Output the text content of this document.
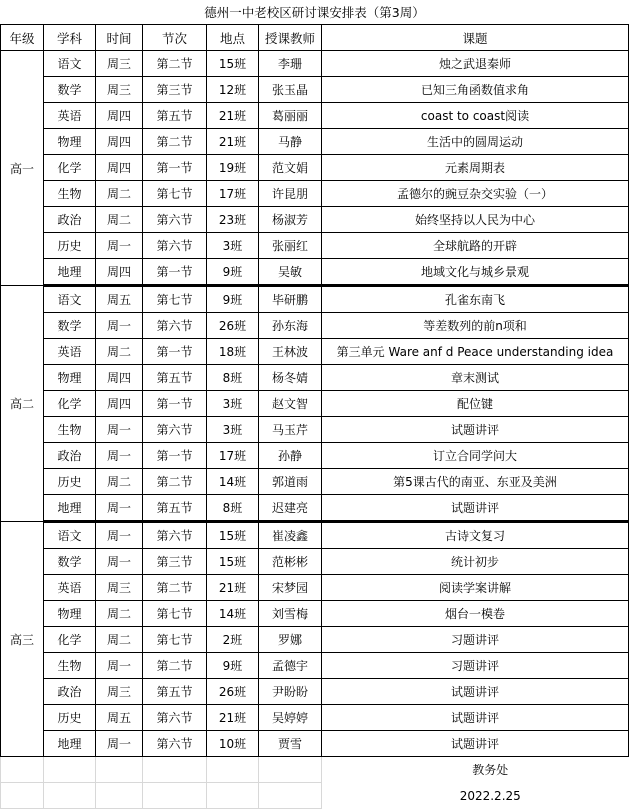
德州一中老校区研讨课安排表（第3周）						
年级	学科	时间	节次	地点	授课教师	课题
高一	语文	周三	第二节	15班	李珊	烛之武退秦师
	数学	周三	第三节	12班	张玉晶	已知三角函数值求角
	英语	周四	第五节	21班	葛丽丽	coast to coast阅读
	物理	周四	第二节	21班	马静	生活中的圆周运动
	化学	周四	第一节	19班	范文娟	元素周期表
	生物	周二	第七节	17班	许昆朋	孟德尔的豌豆杂交实验（一）
	政治	周二	第六节	23班	杨淑芳	始终坚持以人民为中心
	历史	周一	第六节	3班	张丽红	全球航路的开辟
	地理	周四	第一节	9班	吴敏	地域文化与城乡景观
高二	语文	周五	第七节	9班	毕研鹏	孔雀东南飞
	数学	周一	第六节	26班	孙东海	等差数列的前n项和
	英语	周二	第一节	18班	王林波	第三单元 Ware anf d Peace understanding idea
	物理	周四	第五节	8班	杨冬婧	章末测试
	化学	周四	第一节	3班	赵文智	配位键
	生物	周一	第六节	3班	马玉芹	试题讲评
	政治	周一	第一节	17班	孙静	订立合同学问大
	历史	周二	第二节	14班	郭道雨	第5课古代的南亚、东亚及美洲
	地理	周一	第五节	8班	迟建亮	试题讲评
高三	语文	周一	第六节	15班	崔凌鑫	古诗文复习
	数学	周一	第三节	15班	范彬彬	统计初步
	英语	周三	第二节	21班	宋梦园	阅读学案讲解
	物理	周二	第七节	14班	刘雪梅	烟台一模卷
	化学	周二	第七节	2班	罗娜	习题讲评
	生物	周一	第二节	9班	孟德宇	习题讲评
	政治	周三	第五节	26班	尹盼盼	试题讲评
	历史	周五	第六节	21班	吴婷婷	试题讲评
	地理	周一	第六节	10班	贾雪	试题讲评
						教务处
						2022.2.25
